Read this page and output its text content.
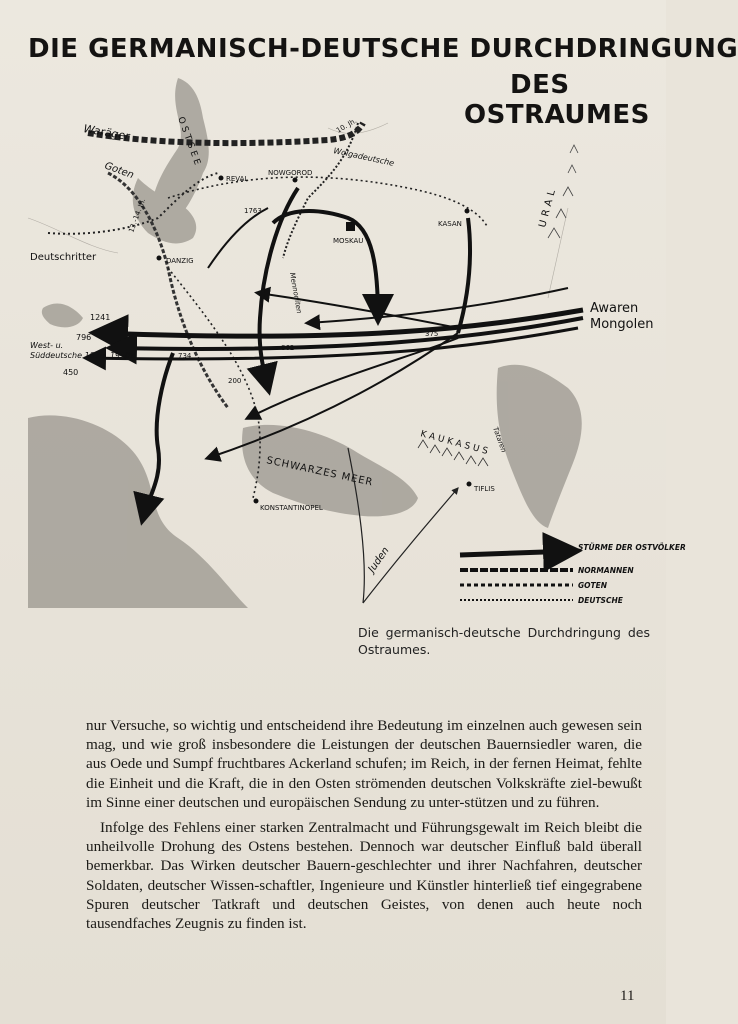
DIE GERMANISCH-DEUTSCHE DURCHDRINGUNG
DES
OSTRAUMES
Waräger
Goten
OSTSEE
REVAL
NOWGOROD
Wolgadeutsche
URAL
KASAN
MOSKAU
Deutschritter	DANZIG
Awaren
Mongolen
West- u.
Süddeutsche 18. u. 19. Jh.
1241
796
450
734
200
862
375
1763
10. Jh.
13.-14. Jh.
Mennoniten
Tataren
KAUKASUS
SCHWARZES MEER
KONSTANTINOPEL
TIFLIS
Juden	STÜRME DER OSTVÖLKER
NORMANNEN
GOTEN
DEUTSCHE
Die germanisch-deutsche Durchdringung des Ostraumes.

nur Versuche, so wichtig und entscheidend ihre Bedeutung im einzelnen auch gewesen sein mag, und wie groß insbesondere die Leistungen der deutschen Bauernsiedler waren, die aus Oede und Sumpf fruchtbares Ackerland schufen; im Reich, in der fernen Heimat, fehlte die Einheit und die Kraft, die in den Osten strömenden deutschen Volkskräfte ziel-bewußt im Sinne einer deutschen und europäischen Sendung zu unter-stützen und zu führen.

Infolge des Fehlens einer starken Zentralmacht und Führungsgewalt im Reich bleibt die unheilvolle Drohung des Ostens bestehen. Dennoch war deutscher Einfluß bald überall bemerkbar. Das Wirken deutscher Bauern-geschlechter und ihrer Nachfahren, deutscher Soldaten, deutscher Wissen-schaftler, Ingenieure und Künstler hinterließ tief eingegrabene Spuren deutscher Tatkraft und deutschen Geistes, von denen auch heute noch tausendfaches Zeugnis zu finden ist.

11
